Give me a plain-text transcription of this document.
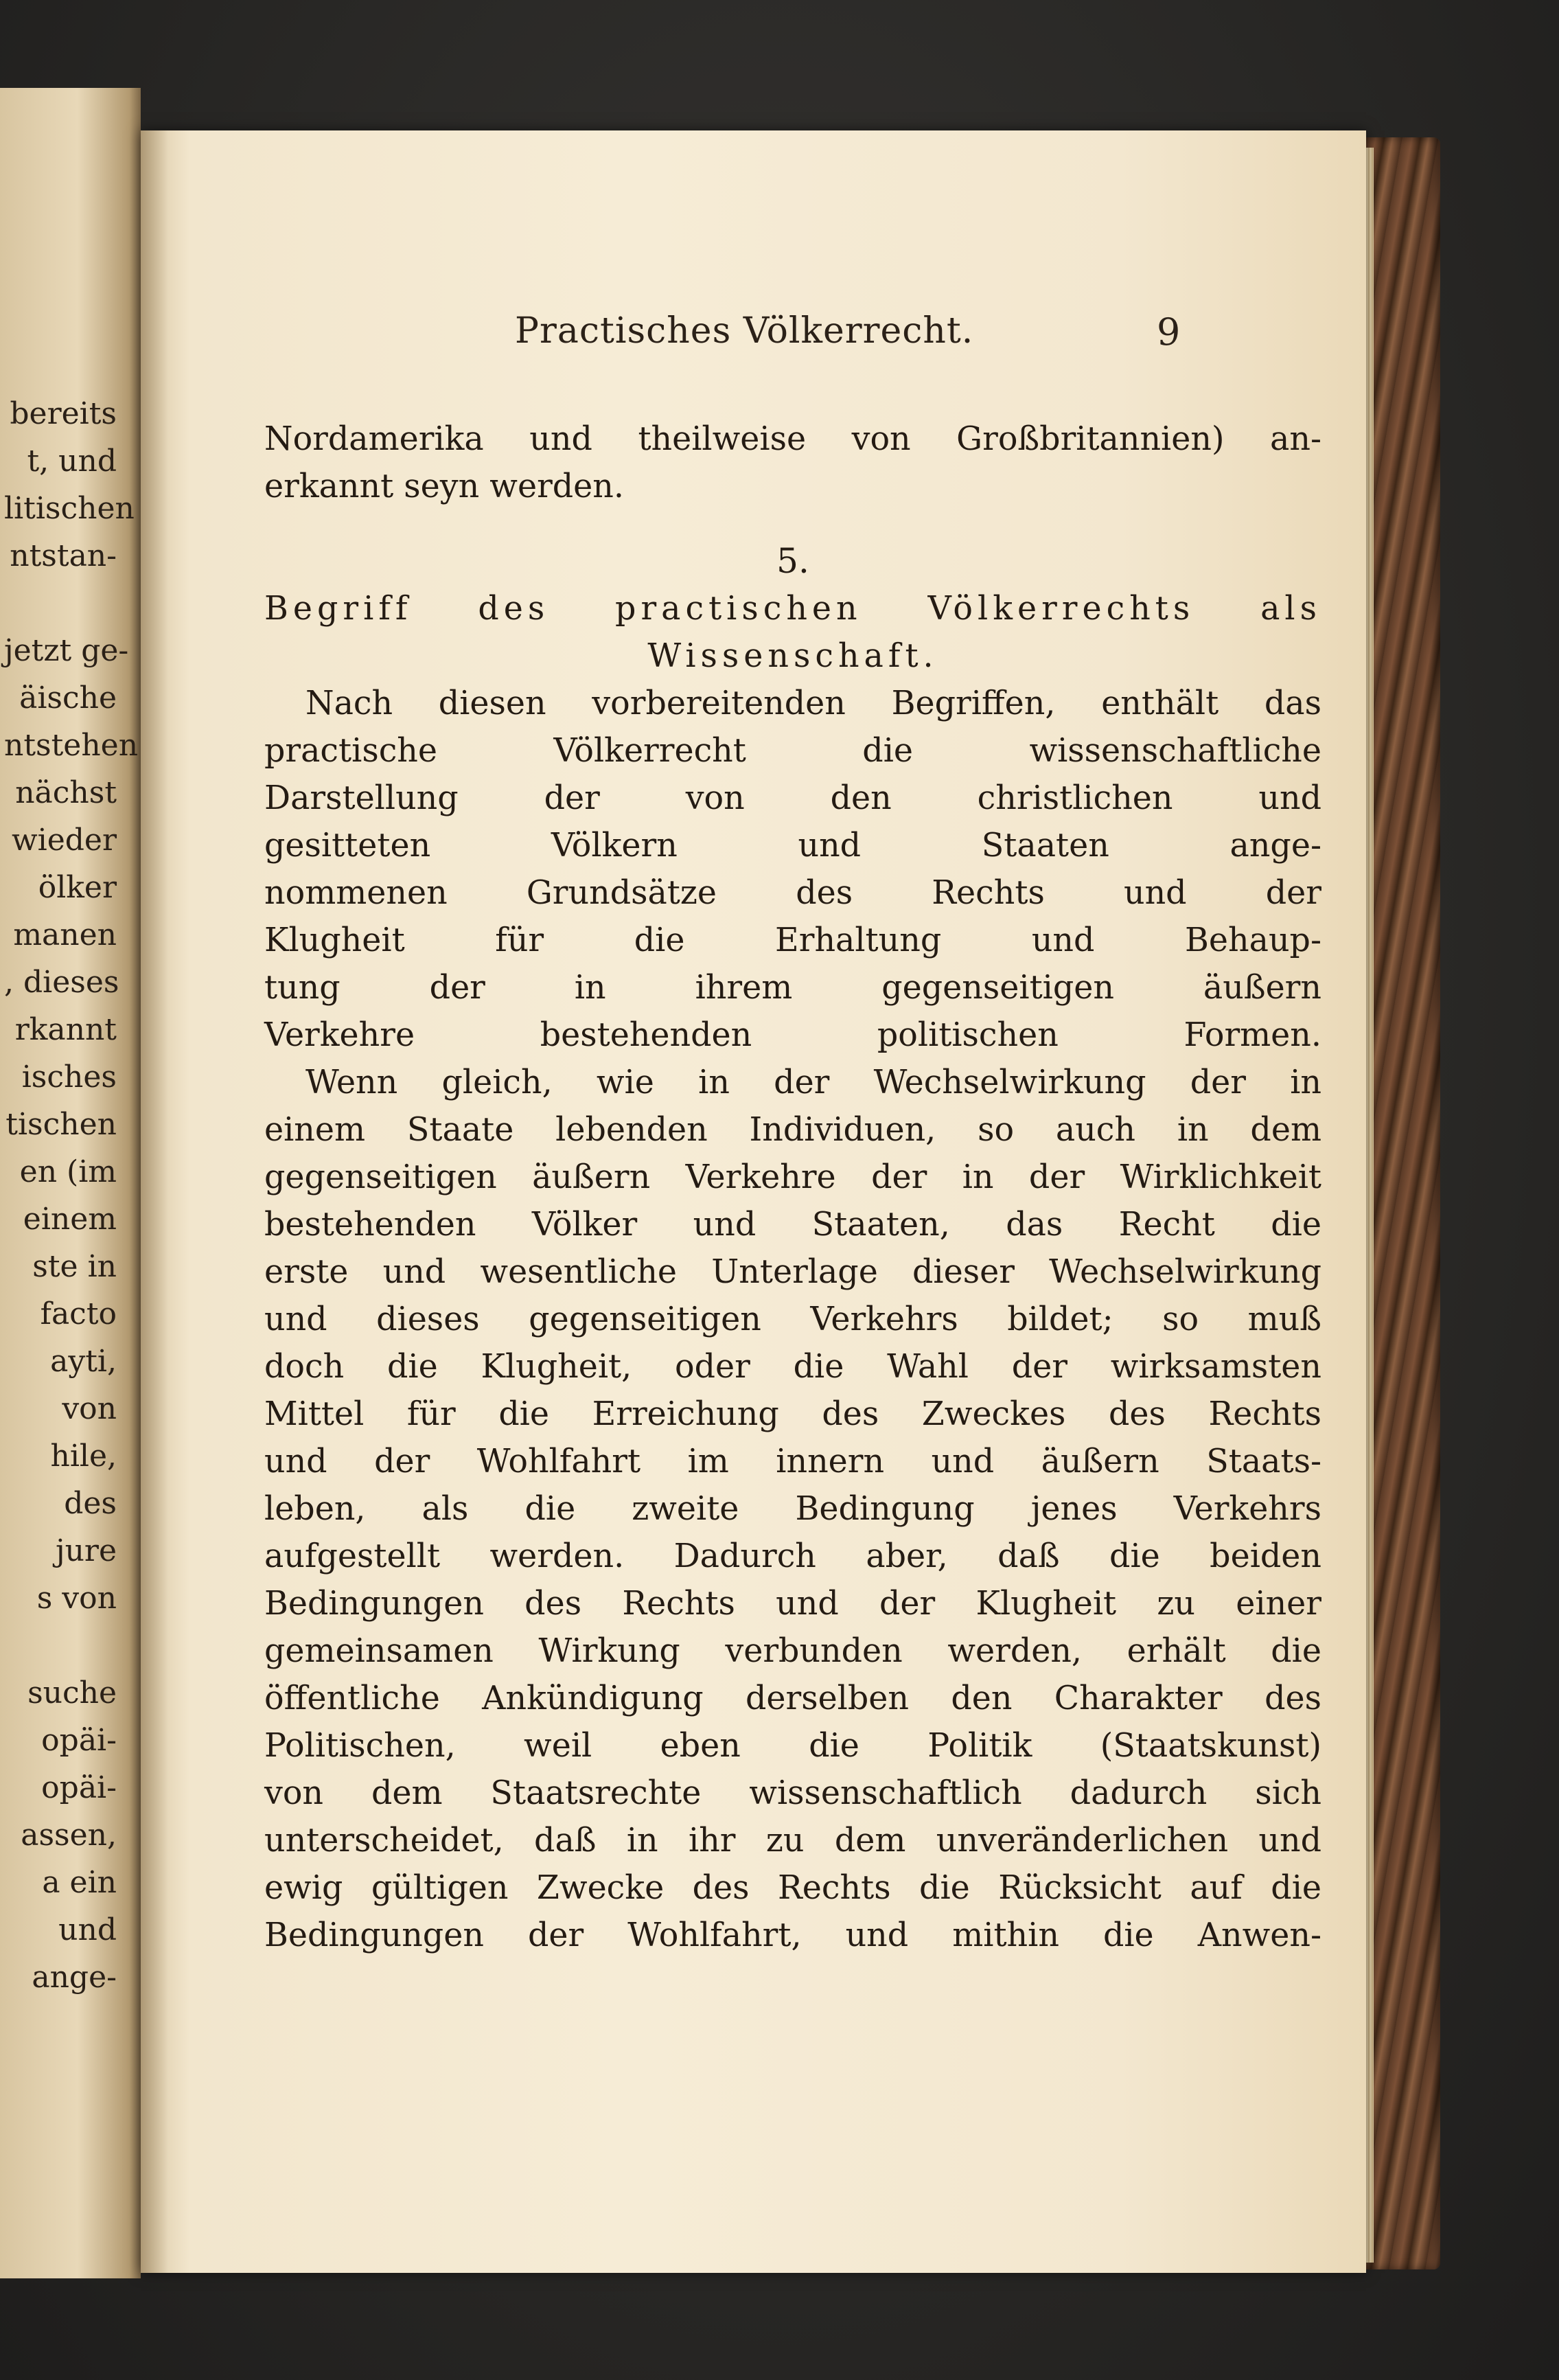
bereits
t, und
litischen
ntstan-
jetzt ge-
äische
ntstehen
nächst
wieder
ölker
manen
, dieses
rkannt
isches
tischen
en (im
einem
ste in
facto
ayti,
von
hile,
des
jure
s von
suche
opäi-
opäi-
assen,
a ein
und
ange-
Practisches Völkerrecht.	9
Nordamerika und theilweise von Großbritannien) an-
erkannt seyn werden.
5.
Begriff des practischen Völkerrechts als
Wissenschaft.
Nach diesen vorbereitenden Begriffen, enthält das
practische Völkerrecht die wissenschaftliche
Darstellung der von den christlichen und
gesitteten Völkern und Staaten ange-
nommenen Grundsätze des Rechts und der
Klugheit für die Erhaltung und Behaup-
tung der in ihrem gegenseitigen äußern
Verkehre bestehenden politischen Formen.
Wenn gleich, wie in der Wechselwirkung der in
einem Staate lebenden Individuen, so auch in dem
gegenseitigen äußern Verkehre der in der Wirklichkeit
bestehenden Völker und Staaten, das Recht die
erste und wesentliche Unterlage dieser Wechselwirkung
und dieses gegenseitigen Verkehrs bildet; so muß
doch die Klugheit, oder die Wahl der wirksamsten
Mittel für die Erreichung des Zweckes des Rechts
und der Wohlfahrt im innern und äußern Staats-
leben, als die zweite Bedingung jenes Verkehrs
aufgestellt werden. Dadurch aber, daß die beiden
Bedingungen des Rechts und der Klugheit zu einer
gemeinsamen Wirkung verbunden werden, erhält die
öffentliche Ankündigung derselben den Charakter des
Politischen, weil eben die Politik (Staatskunst)
von dem Staatsrechte wissenschaftlich dadurch sich
unterscheidet, daß in ihr zu dem unveränderlichen und
ewig gültigen Zwecke des Rechts die Rücksicht auf die
Bedingungen der Wohlfahrt, und mithin die Anwen-
